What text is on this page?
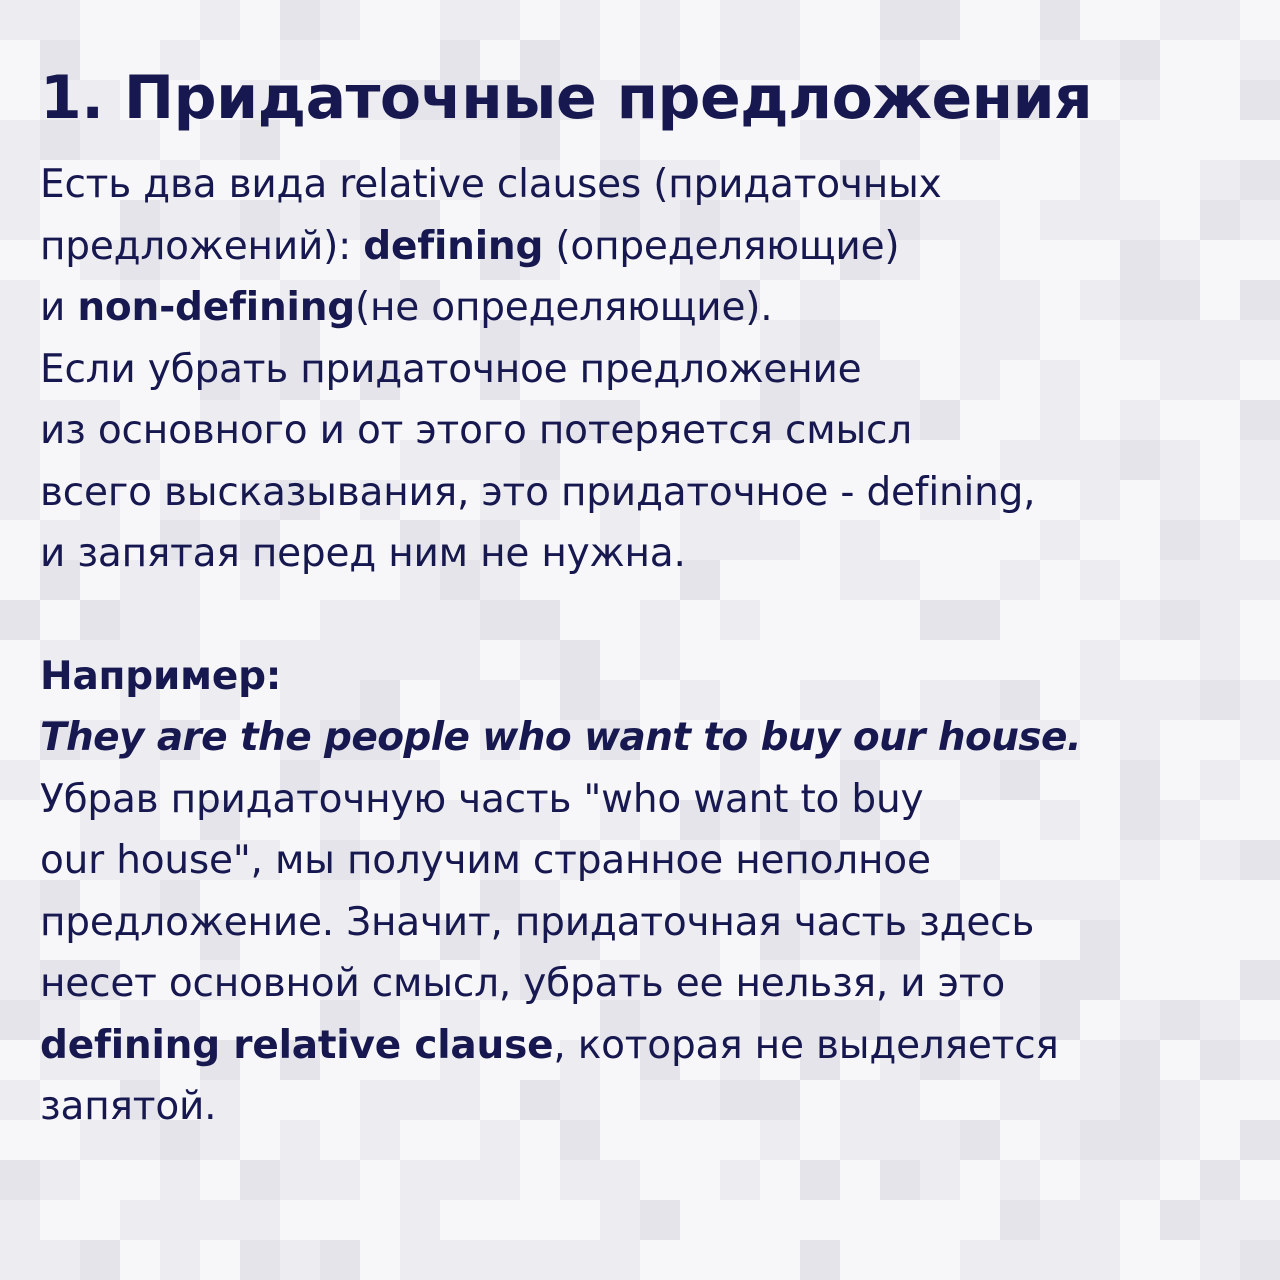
1. Придаточные предложения
Есть два вида relative clauses (придаточных
предложений): defining (определяющие)
и non-defining(не определяющие).
Если убрать придаточное предложение
из основного и от этого потеряется смысл
всего высказывания, это придаточное - defining,
и запятая перед ним не нужна.
Например:
They are the people who want to buy our house.
Убрав придаточную часть "who want to buy
our house", мы получим странное неполное
предложение. Значит, придаточная часть здесь
несет основной смысл, убрать ее нельзя, и это
defining relative clause, которая не выделяется
запятой.
